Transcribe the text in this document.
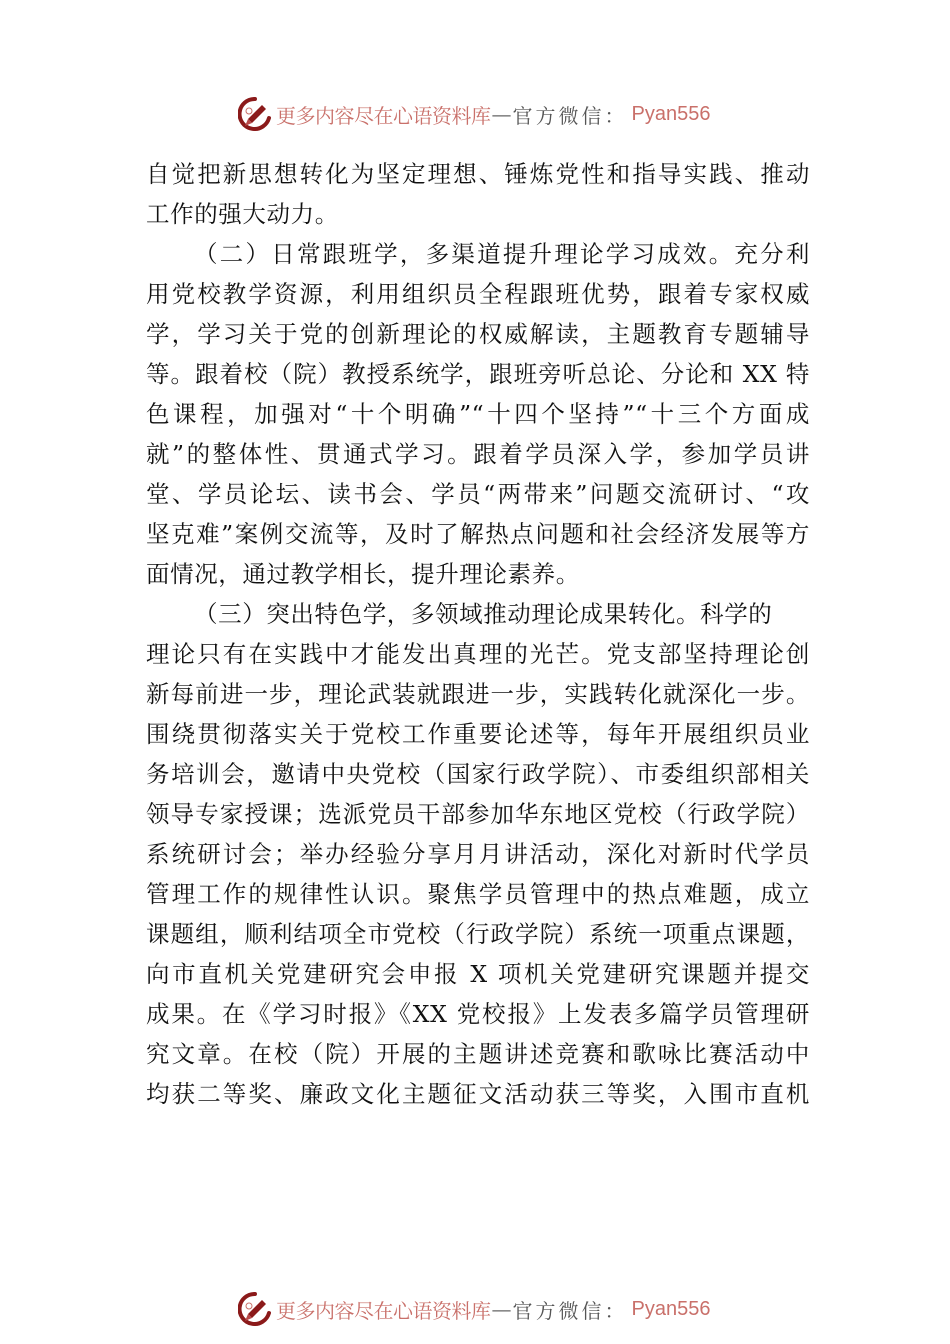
更多内容尽在心语资料库 — 官方微信： Pyan556
自觉把新思想转化为坚定理想、锤炼党性和指导实践、推动
工作的强大动力。
（二）日常跟班学，多渠道提升理论学习成效。充分利
用党校教学资源，利用组织员全程跟班优势，跟着专家权威
学，学习关于党的创新理论的权威解读，主题教育专题辅导
等。跟着校（院）教授系统学，跟班旁听总论、分论和 XX 特
色课程，加强对“十个明确”“十四个坚持”“十三个方面成
就”的整体性、贯通式学习。跟着学员深入学，参加学员讲
堂、学员论坛、读书会、学员“两带来”问题交流研讨、“攻
坚克难”案例交流等，及时了解热点问题和社会经济发展等方
面情况，通过教学相长，提升理论素养。
（三）突出特色学，多领域推动理论成果转化。科学的
理论只有在实践中才能发出真理的光芒。党支部坚持理论创
新每前进一步，理论武装就跟进一步，实践转化就深化一步。
围绕贯彻落实关于党校工作重要论述等，每年开展组织员业
务培训会，邀请中央党校（国家行政学院）、市委组织部相关
领导专家授课；选派党员干部参加华东地区党校（行政学院）
系统研讨会；举办经验分享月月讲活动，深化对新时代学员
管理工作的规律性认识。聚焦学员管理中的热点难题，成立
课题组，顺利结项全市党校（行政学院）系统一项重点课题，
向市直机关党建研究会申报 X 项机关党建研究课题并提交
成果。在《学习时报》《XX 党校报》上发表多篇学员管理研
究文章。在校（院）开展的主题讲述竞赛和歌咏比赛活动中
均获二等奖、廉政文化主题征文活动获三等奖，入围市直机
更多内容尽在心语资料库 — 官方微信： Pyan556
